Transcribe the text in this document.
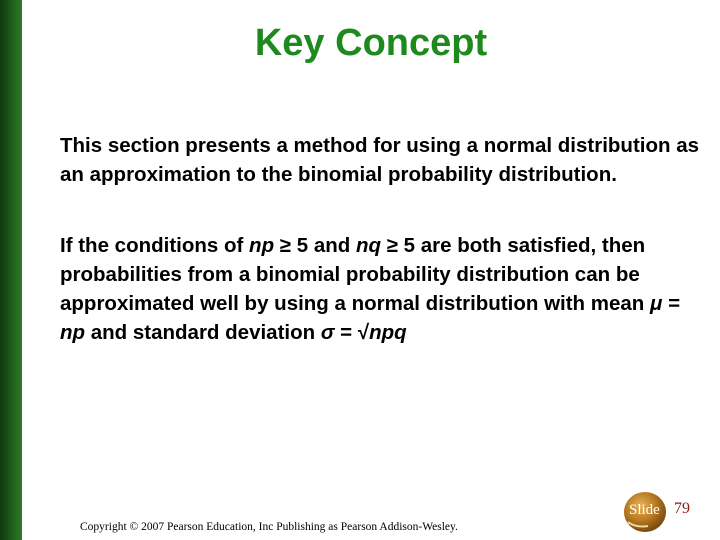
Key Concept

This section presents a method for using a normal distribution as an approximation to the binomial probability distribution.

If the conditions of np ≥ 5 and nq ≥ 5 are both satisfied, then probabilities from a binomial probability distribution can be approximated well by using a normal distribution with mean μ = np and standard deviation σ = √npq

Copyright © 2007 Pearson Education, Inc Publishing as Pearson Addison-Wesley.
Slide 79
